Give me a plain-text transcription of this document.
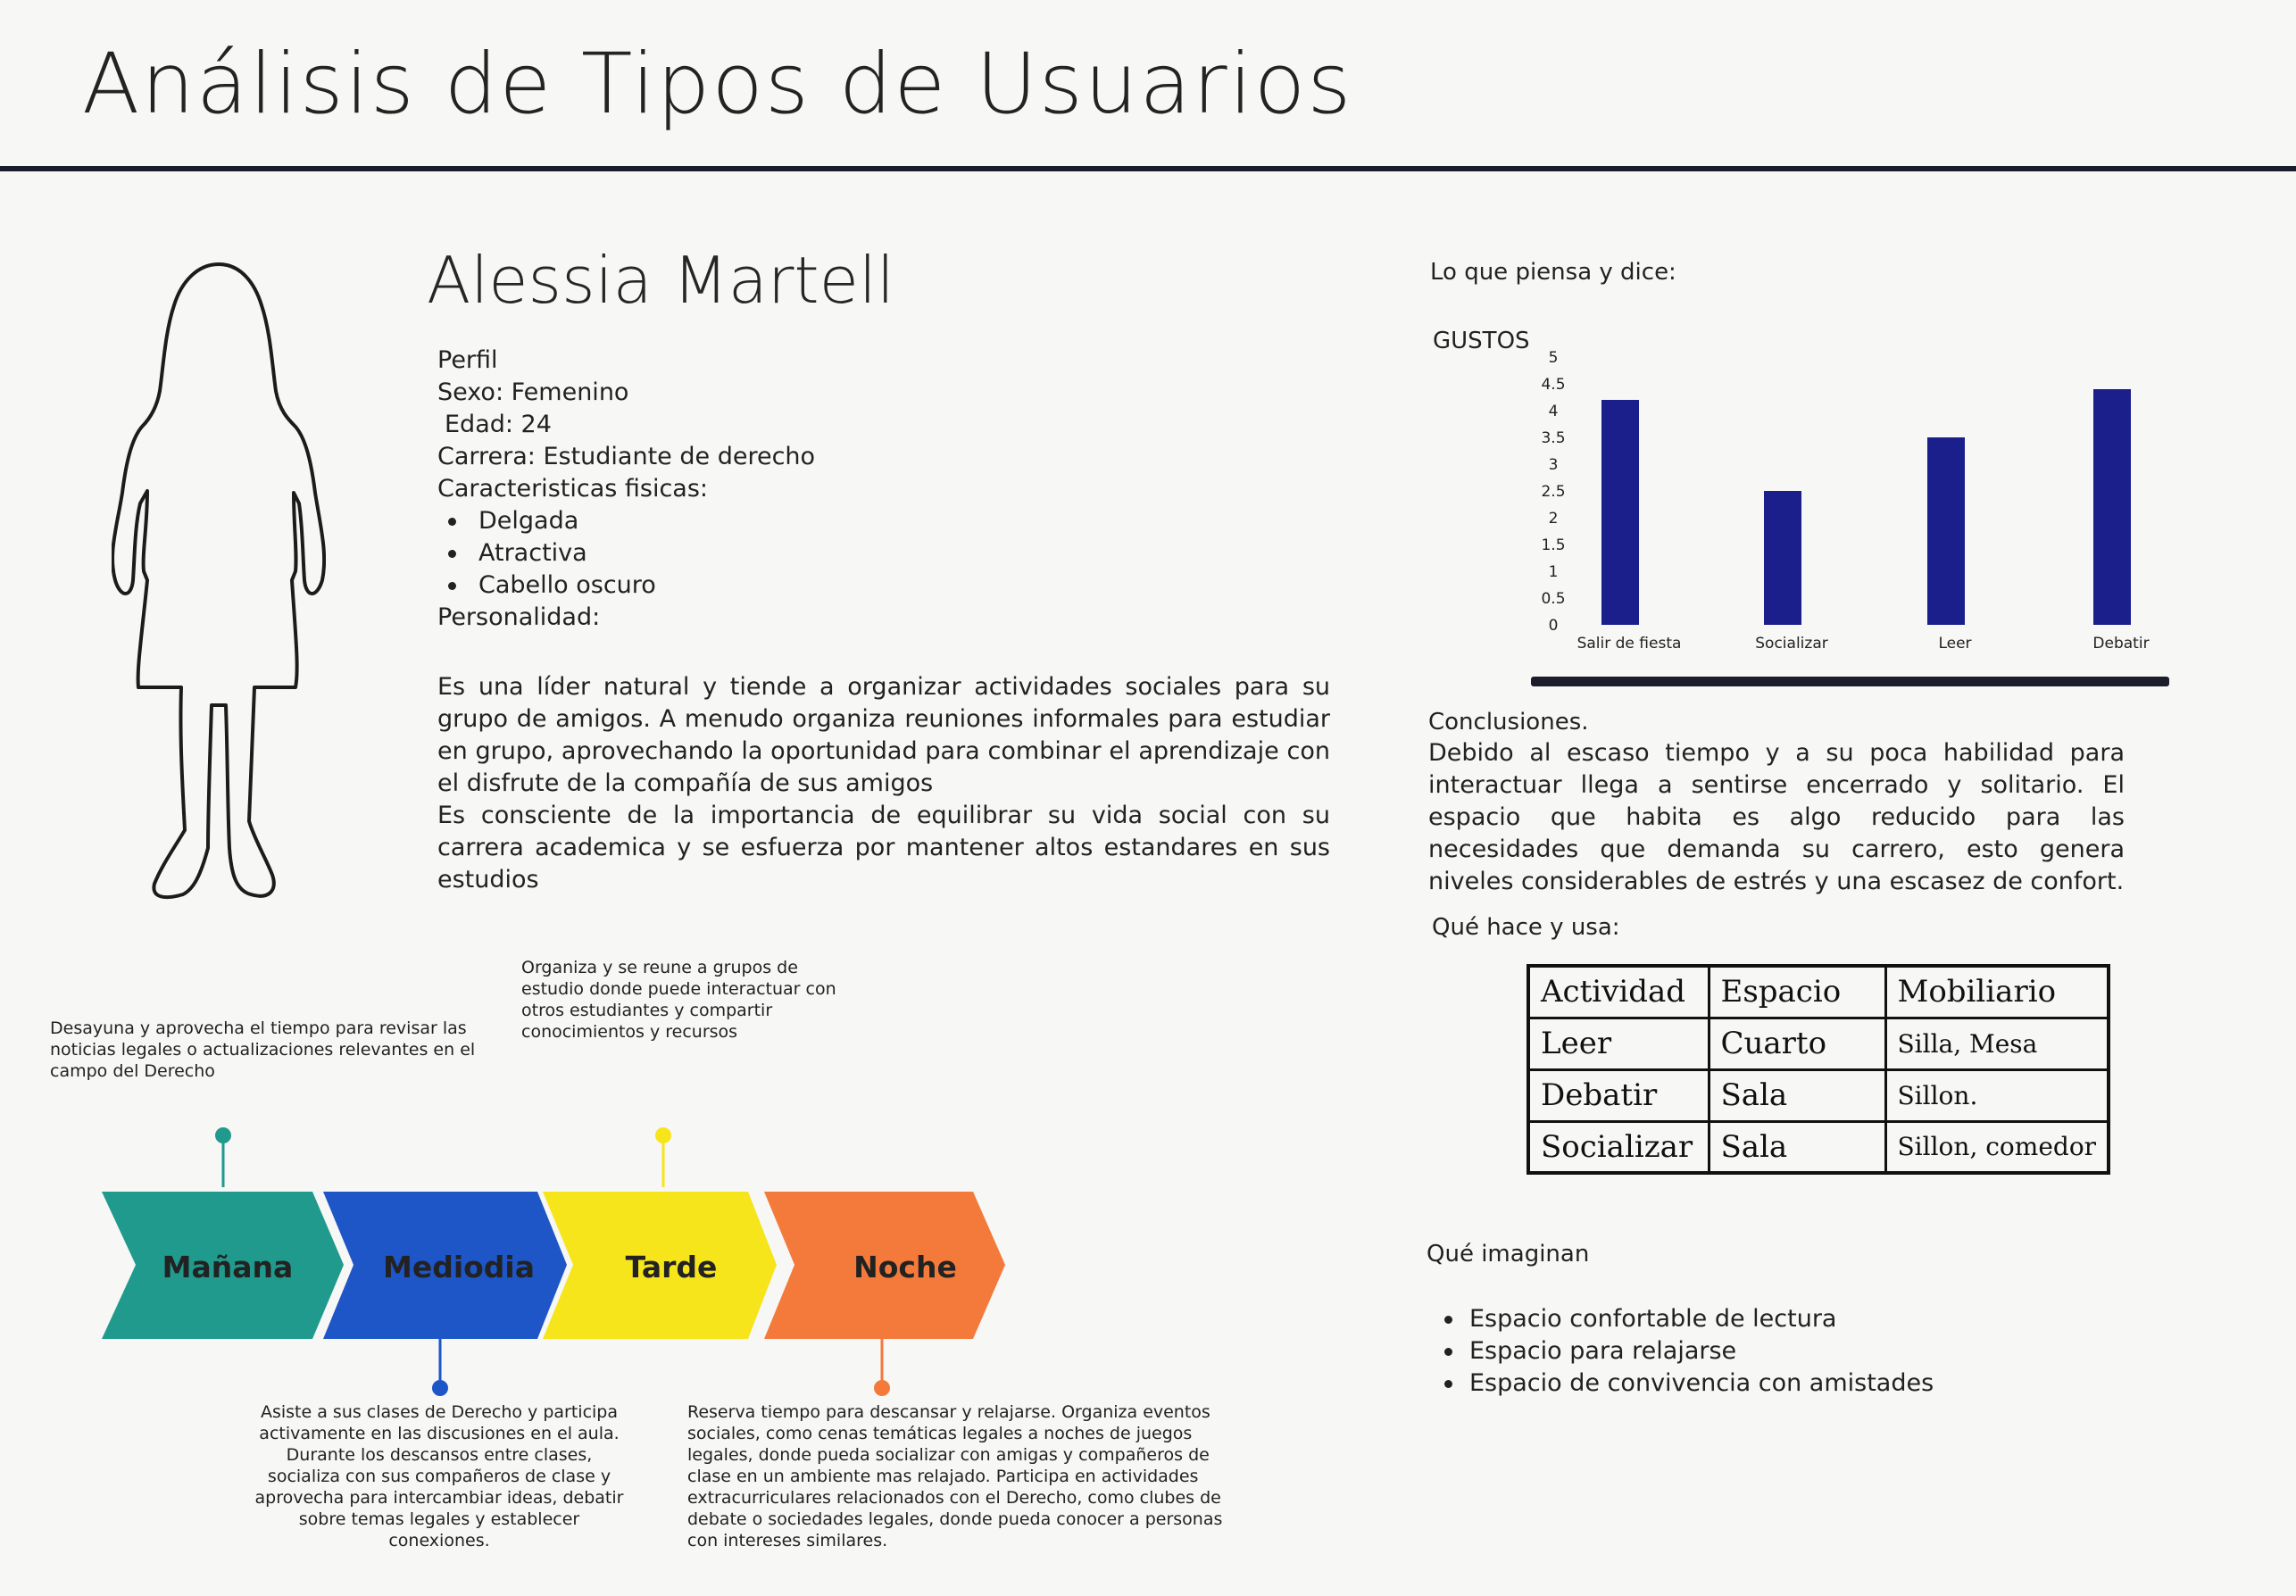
Análisis de Tipos de Usuarios
Alessia Martell
Perfil
Sexo: Femenino
Edad: 24
Carrera: Estudiante de derecho
Caracteristicas fisicas:
Delgada
Atractiva
Cabello oscuro
Personalidad:
Es una líder natural y tiende a organizar actividades sociales para su grupo de amigos. A menudo organiza reuniones informales para estudiar en grupo, aprovechando la oportunidad para combinar el aprendizaje con el disfrute de la compañía de sus amigos
Es consciente de la importancia de equilibrar su vida social con su carrera academica y se esfuerza por mantener altos estandares en sus estudios
Lo que piensa y dice:
GUSTOS
0
0.5
1
1.5
2
2.5
3
3.5
4
4.5
5
Salir de fiesta	Socializar	Leer	Debatir
Conclusiones.
Debido al escaso tiempo y a su poca habilidad para interactuar llega a sentirse encerrado y solitario. El espacio que habita es algo reducido para las necesidades que demanda su carrero, esto genera niveles considerables de estrés y una escasez de confort.
Qué hace y usa:
Actividad	Espacio	Mobiliario
Leer	Cuarto	Silla, Mesa
Debatir	Sala	Sillon.
Socializar	Sala	Sillon, comedor
Qué imaginan
Espacio confortable de lectura
Espacio para relajarse
Espacio de convivencia con amistades
Desayuna y aprovecha el tiempo para revisar las noticias legales o actualizaciones relevantes en el campo del Derecho
Organiza y se reune a grupos de estudio donde puede interactuar con otros estudiantes y compartir conocimientos y recursos
Asiste a sus clases de Derecho y participa activamente en las discusiones en el aula. Durante los descansos entre clases, socializa con sus compañeros de clase y aprovecha para intercambiar ideas, debatir sobre temas legales y establecer conexiones.
Reserva tiempo para descansar y relajarse. Organiza eventos sociales, como cenas temáticas legales a noches de juegos legales, donde pueda socializar con amigas y compañeros de clase en un ambiente mas relajado. Participa en actividades extracurriculares relacionados con el Derecho, como clubes de debate o sociedades legales, donde pueda conocer a personas con intereses similares.
Mañana	Mediodia	Tarde	Noche
